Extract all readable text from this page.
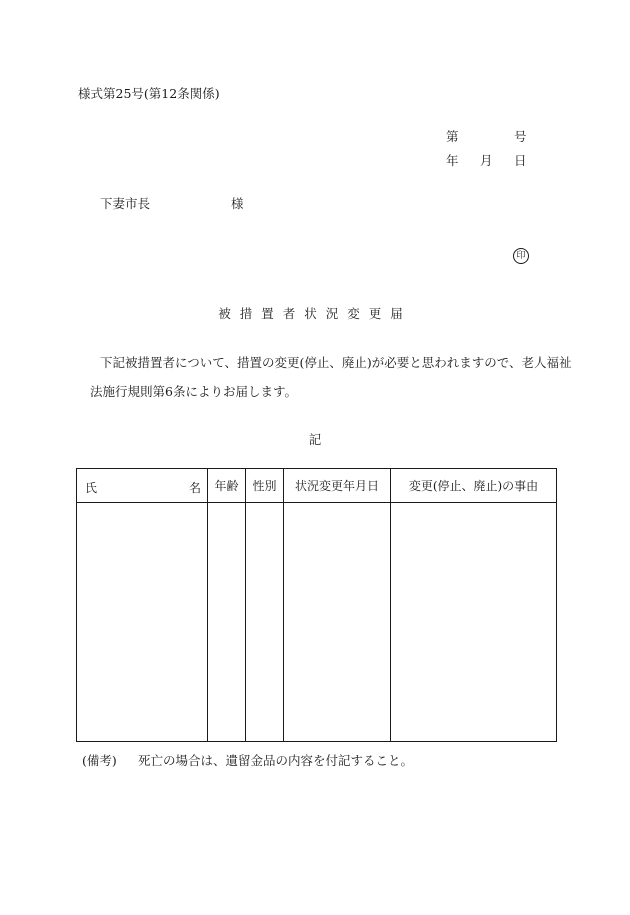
様式第25号(第12条関係)
第	号
年 月 日
下妻市長	様
印
被措置者状況変更届
下記被措置者について、措置の変更(停止、廃止)が必要と思われますので、老人福祉
法施行規則第6条によりお届します。
記
氏 名	年齢	性別	状況変更年月日	変更(停止、廃止)の事由

(備考) 死亡の場合は、遺留金品の内容を付記すること。
